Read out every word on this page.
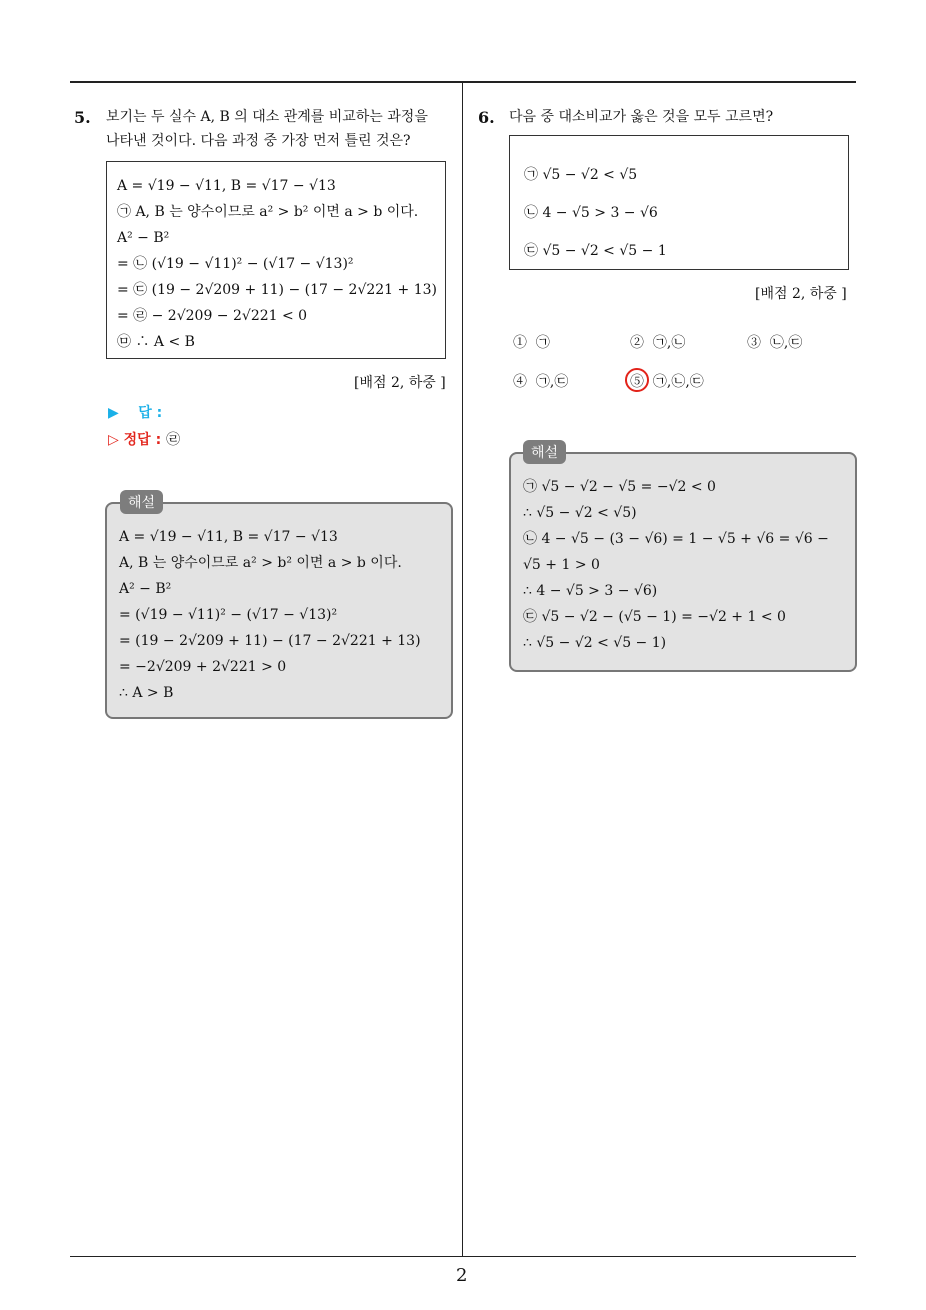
5. 보기는 두 실수 A, B 의 대소 관계를 비교하는 과정을
나타낸 것이다. 다음 과정 중 가장 먼저 틀린 것은?
A = √19 − √11, B = √17 − √13
㉠ A, B 는 양수이므로 a² > b² 이면 a > b 이다.
A² − B²
= ㉡ (√19 − √11)² − (√17 − √13)²
= ㉢ (19 − 2√209 + 11) − (17 − 2√221 + 13)
= ㉣ − 2√209 − 2√221 < 0
㉤ ∴ A < B
[배점 2, 하중 ]
▶ 답 :
▷ 정답 : ㉣
A = √19 − √11, B = √17 − √13
A, B 는 양수이므로 a² > b² 이면 a > b 이다.
A² − B²
= (√19 − √11)² − (√17 − √13)²
= (19 − 2√209 + 11) − (17 − 2√221 + 13)
= −2√209 + 2√221 > 0
∴ A > B
해설
6. 다음 중 대소비교가 옳은 것을 모두 고르면?
㉠ √5 − √2 < √5
㉡ 4 − √5 > 3 − √6
㉢ √5 − √2 < √5 − 1
[배점 2, 하중 ]
① ㉠	② ㉠,㉡	③ ㉡,㉢
④ ㉠,㉢	⑤ ㉠,㉡,㉢
㉠ √5 − √2 − √5 = −√2 < 0
∴ √5 − √2 < √5)
㉡ 4 − √5 − (3 − √6) = 1 − √5 + √6 = √6 −
√5 + 1 > 0
∴ 4 − √5 > 3 − √6)
㉢ √5 − √2 − (√5 − 1) = −√2 + 1 < 0
∴ √5 − √2 < √5 − 1)
해설
2
